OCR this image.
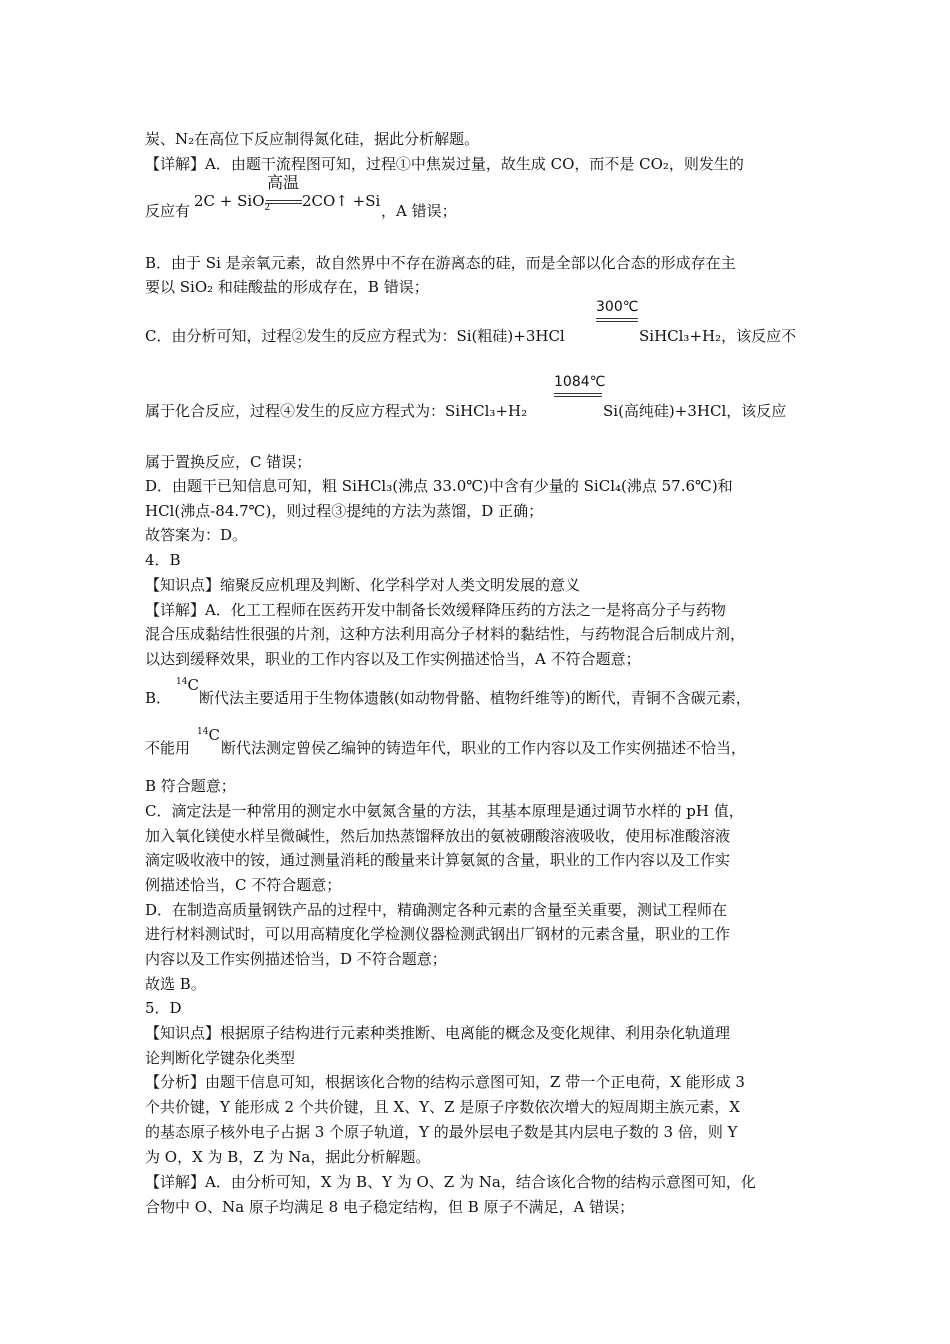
炭、N₂在高位下反应制得氮化硅，据此分析解题。
【详解】A．由题干流程图可知，过程①中焦炭过量，故生成 CO，而不是 CO₂，则发生的
反应有
2C + SiO$_2$
高温
2CO↑ +Si
，A 错误；
B．由于 Si 是亲氧元素，故自然界中不存在游离态的硅，而是全部以化合态的形成存在主
要以 SiO₂ 和硅酸盐的形成存在，B 错误；
300℃
C．由分析可知，过程②发生的反应方程式为：Si(粗硅)+3HCl	SiHCl₃+H₂，该反应不
1084℃
属于化合反应，过程④发生的反应方程式为：SiHCl₃+H₂	Si(高纯硅)+3HCl，该反应
属于置换反应，C 错误；
D．由题干已知信息可知，粗 SiHCl₃(沸点 33.0℃)中含有少量的 SiCl₄(沸点 57.6℃)和
HCl(沸点-84.7℃)，则过程③提纯的方法为蒸馏，D 正确；
故答案为：D。
4．B
【知识点】缩聚反应机理及判断、化学科学对人类文明发展的意义
【详解】A．化工工程师在医药开发中制备长效缓释降压药的方法之一是将高分子与药物
混合压成黏结性很强的片剂，这种方法利用高分子材料的黏结性，与药物混合后制成片剂，
以达到缓释效果，职业的工作内容以及工作实例描述恰当，A 不符合题意；
B．
$^{14}$C
断代法主要适用于生物体遗骸(如动物骨骼、植物纤维等)的断代，青铜不含碳元素，
不能用
$^{14}$C
断代法测定曾侯乙编钟的铸造年代，职业的工作内容以及工作实例描述不恰当，
B 符合题意；
C．滴定法是一种常用的测定水中氨氮含量的方法，其基本原理是通过调节水样的 pH 值，
加入氧化镁使水样呈微碱性，然后加热蒸馏释放出的氨被硼酸溶液吸收，使用标准酸溶液
滴定吸收液中的铵，通过测量消耗的酸量来计算氨氮的含量，职业的工作内容以及工作实
例描述恰当，C 不符合题意；
D．在制造高质量钢铁产品的过程中，精确测定各种元素的含量至关重要，测试工程师在
进行材料测试时，可以用高精度化学检测仪器检测武钢出厂钢材的元素含量，职业的工作
内容以及工作实例描述恰当，D 不符合题意；
故选 B。
5．D
【知识点】根据原子结构进行元素种类推断、电离能的概念及变化规律、利用杂化轨道理
论判断化学键杂化类型
【分析】由题干信息可知，根据该化合物的结构示意图可知，Z 带一个正电荷，X 能形成 3
个共价键，Y 能形成 2 个共价键，且 X、Y、Z 是原子序数依次增大的短周期主族元素，X
的基态原子核外电子占据 3 个原子轨道，Y 的最外层电子数是其内层电子数的 3 倍，则 Y
为 O，X 为 B，Z 为 Na，据此分析解题。
【详解】A．由分析可知，X 为 B、Y 为 O、Z 为 Na，结合该化合物的结构示意图可知，化
合物中 O、Na 原子均满足 8 电子稳定结构，但 B 原子不满足，A 错误；
